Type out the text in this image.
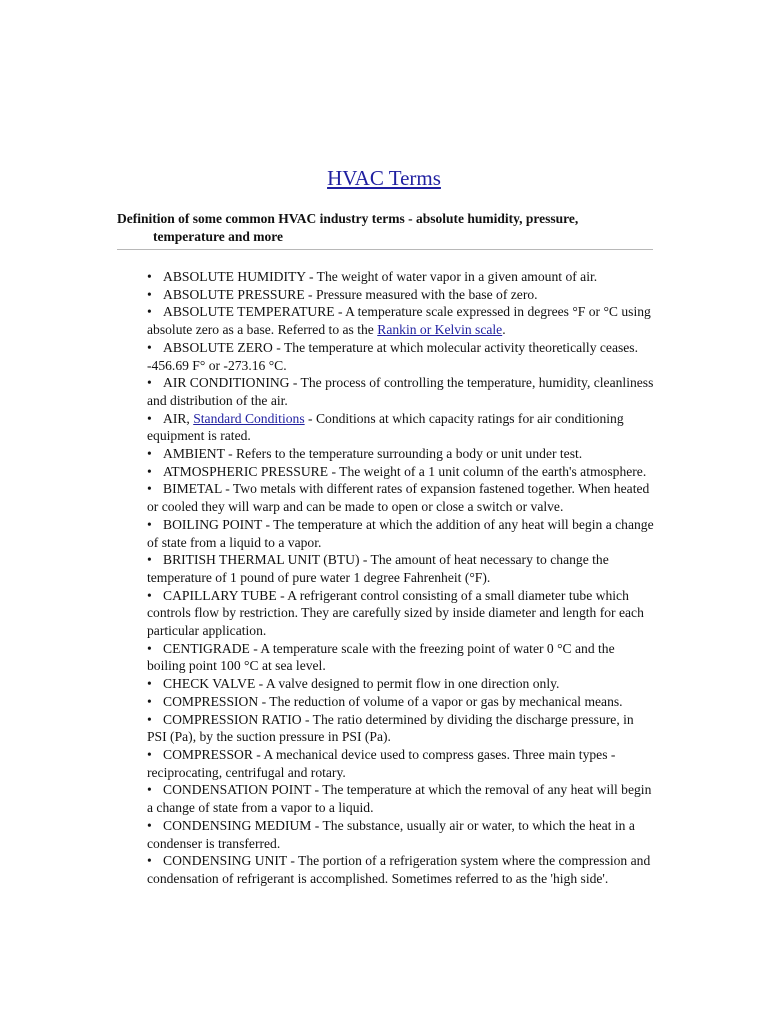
HVAC Terms

Definition of some common HVAC industry terms - absolute humidity, pressure,
temperature and more

• ABSOLUTE HUMIDITY - The weight of water vapor in a given amount of air.
• ABSOLUTE PRESSURE - Pressure measured with the base of zero.
• ABSOLUTE TEMPERATURE - A temperature scale expressed in degrees °F or °C using absolute zero as a base. Referred to as the Rankin or Kelvin scale.
• ABSOLUTE ZERO - The temperature at which molecular activity theoretically ceases. -456.69 F° or -273.16 °C.
• AIR CONDITIONING - The process of controlling the temperature, humidity, cleanliness and distribution of the air.
• AIR, Standard Conditions - Conditions at which capacity ratings for air conditioning equipment is rated.
• AMBIENT - Refers to the temperature surrounding a body or unit under test.
• ATMOSPHERIC PRESSURE - The weight of a 1 unit column of the earth's atmosphere.
• BIMETAL - Two metals with different rates of expansion fastened together. When heated or cooled they will warp and can be made to open or close a switch or valve.
• BOILING POINT - The temperature at which the addition of any heat will begin a change of state from a liquid to a vapor.
• BRITISH THERMAL UNIT (BTU) - The amount of heat necessary to change the temperature of 1 pound of pure water 1 degree Fahrenheit (°F).
• CAPILLARY TUBE - A refrigerant control consisting of a small diameter tube which controls flow by restriction. They are carefully sized by inside diameter and length for each particular application.
• CENTIGRADE - A temperature scale with the freezing point of water 0 °C and the boiling point 100 °C at sea level.
• CHECK VALVE - A valve designed to permit flow in one direction only.
• COMPRESSION - The reduction of volume of a vapor or gas by mechanical means.
• COMPRESSION RATIO - The ratio determined by dividing the discharge pressure, in PSI (Pa), by the suction pressure in PSI (Pa).
• COMPRESSOR - A mechanical device used to compress gases. Three main types - reciprocating, centrifugal and rotary.
• CONDENSATION POINT - The temperature at which the removal of any heat will begin a change of state from a vapor to a liquid.
• CONDENSING MEDIUM - The substance, usually air or water, to which the heat in a condenser is transferred.
• CONDENSING UNIT - The portion of a refrigeration system where the compression and condensation of refrigerant is accomplished. Sometimes referred to as the 'high side'.
